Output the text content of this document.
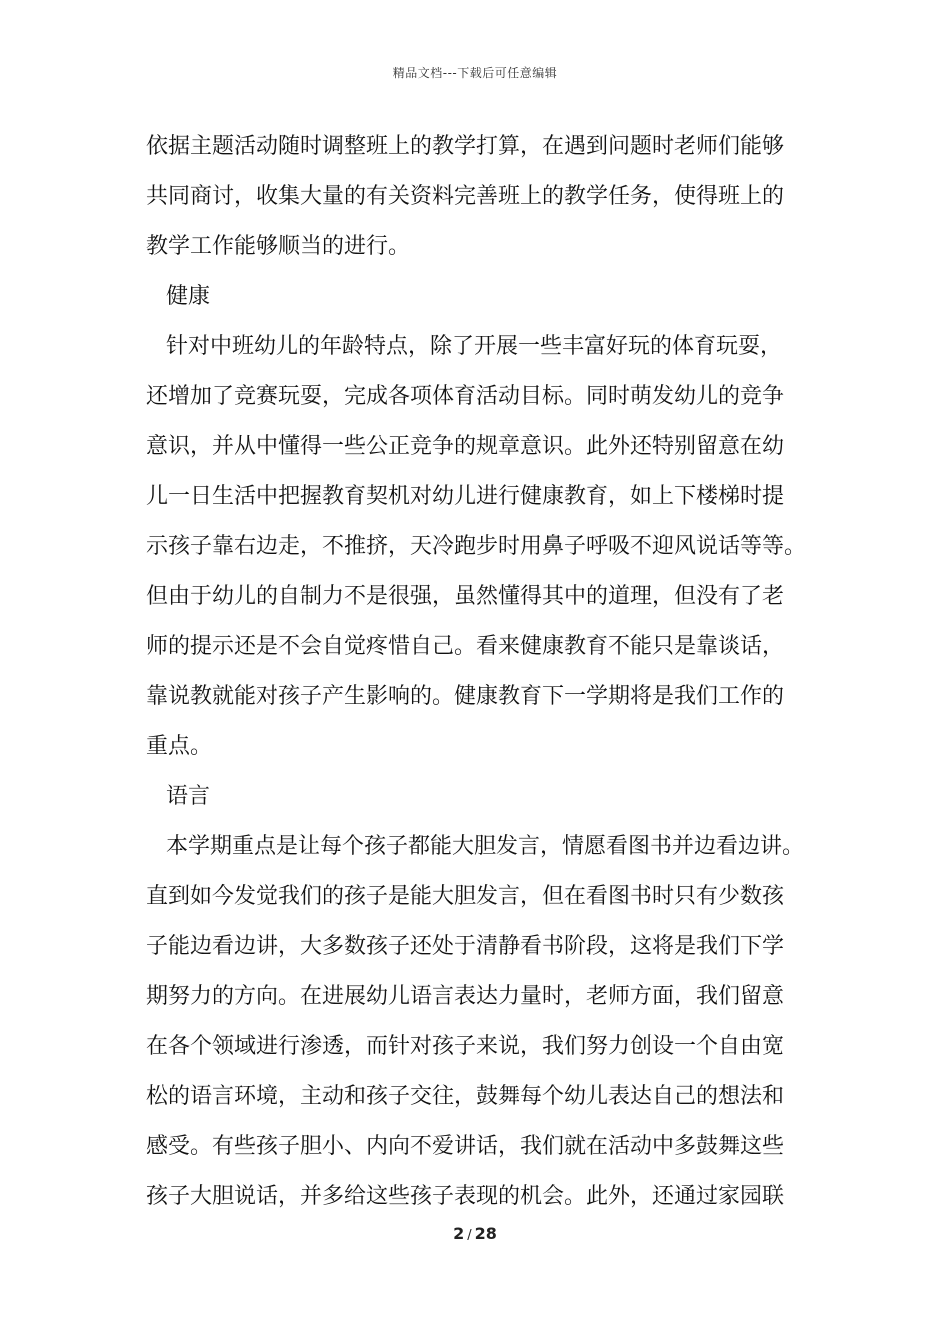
精品文档---下载后可任意编辑
依据主题活动随时调整班上的教学打算，在遇到问题时老师们能够
共同商讨，收集大量的有关资料完善班上的教学任务，使得班上的
教学工作能够顺当的进行。
健康
针对中班幼儿的年龄特点，除了开展一些丰富好玩的体育玩耍，
还增加了竞赛玩耍，完成各项体育活动目标。同时萌发幼儿的竞争
意识，并从中懂得一些公正竞争的规章意识。此外还特别留意在幼
儿一日生活中把握教育契机对幼儿进行健康教育，如上下楼梯时提
示孩子靠右边走，不推挤，天冷跑步时用鼻子呼吸不迎风说话等等。
但由于幼儿的自制力不是很强，虽然懂得其中的道理，但没有了老
师的提示还是不会自觉疼惜自己。看来健康教育不能只是靠谈话，
靠说教就能对孩子产生影响的。健康教育下一学期将是我们工作的
重点。
语言
本学期重点是让每个孩子都能大胆发言，情愿看图书并边看边讲。
直到如今发觉我们的孩子是能大胆发言，但在看图书时只有少数孩
子能边看边讲，大多数孩子还处于清静看书阶段，这将是我们下学
期努力的方向。在进展幼儿语言表达力量时，老师方面，我们留意
在各个领域进行渗透，而针对孩子来说，我们努力创设一个自由宽
松的语言环境，主动和孩子交往，鼓舞每个幼儿表达自己的想法和
感受。有些孩子胆小、内向不爱讲话，我们就在活动中多鼓舞这些
孩子大胆说话，并多给这些孩子表现的机会。此外，还通过家园联
2 / 28
